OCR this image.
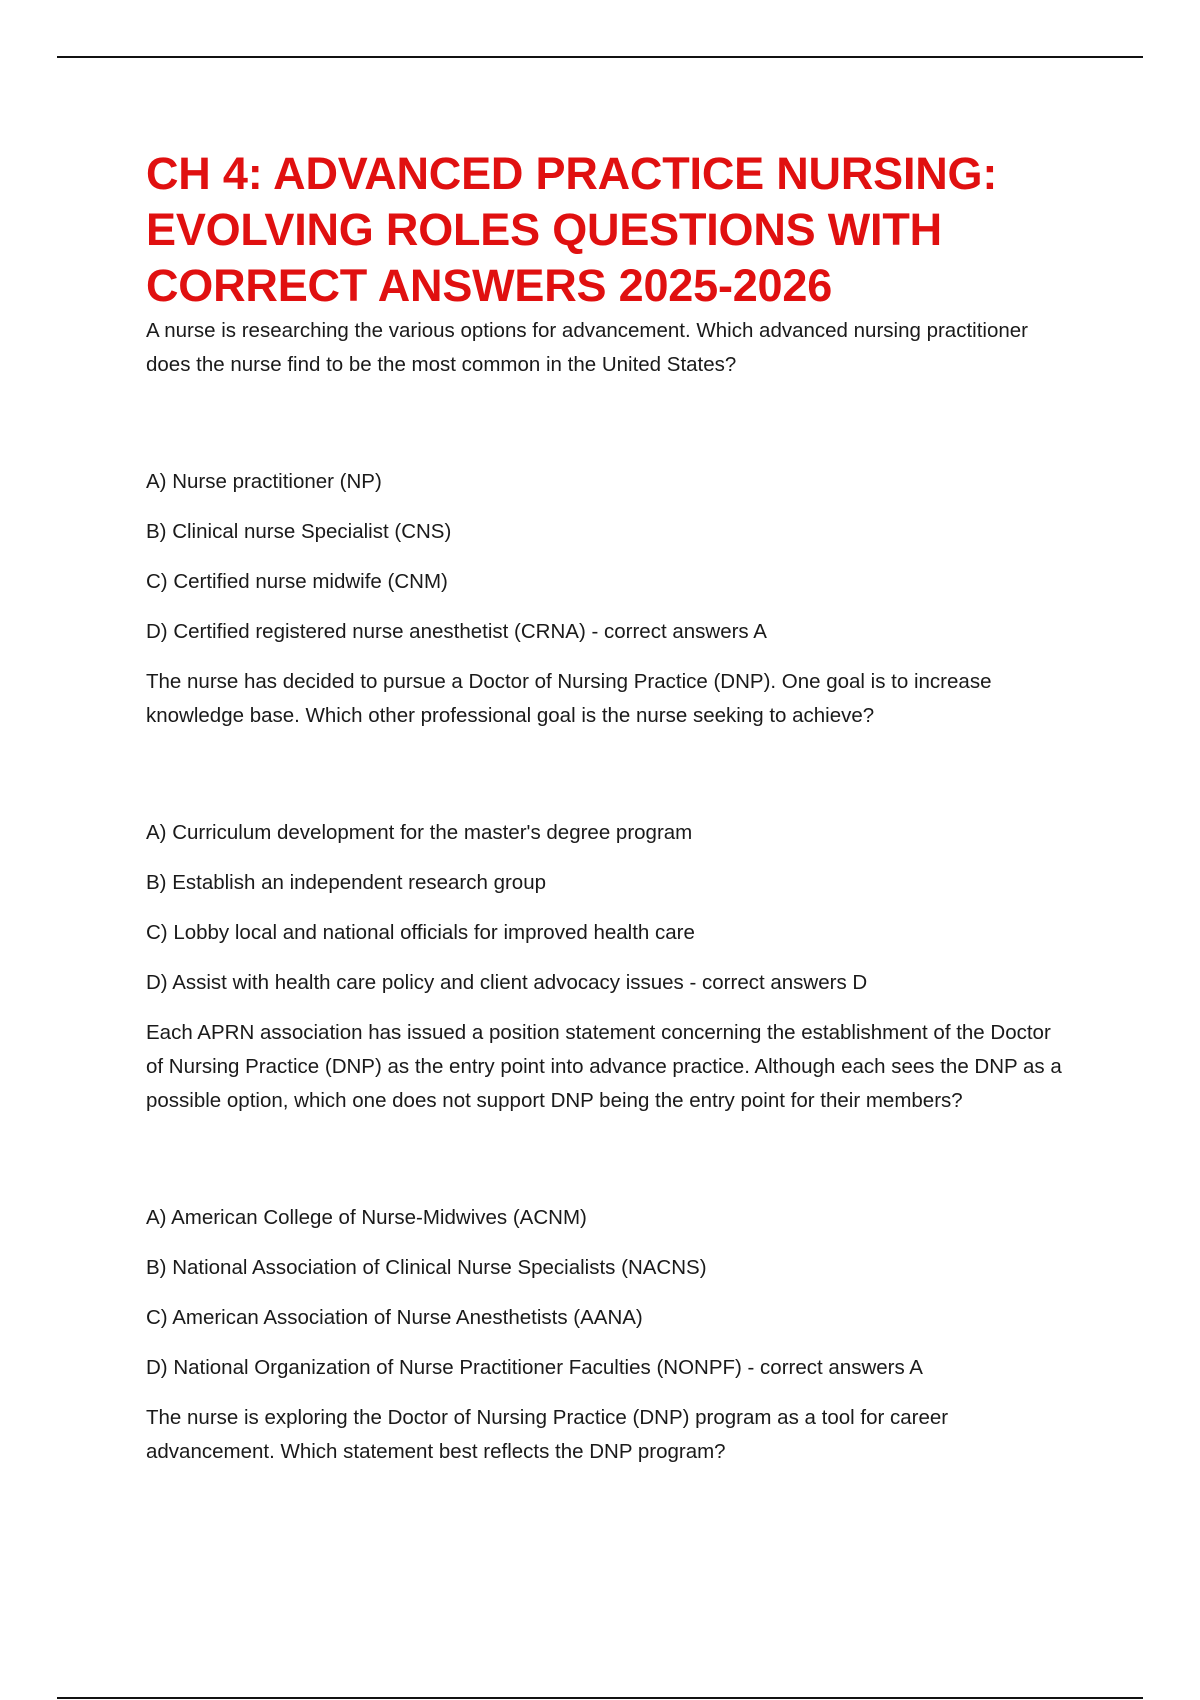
CH 4: ADVANCED PRACTICE NURSING: EVOLVING ROLES QUESTIONS WITH CORRECT ANSWERS 2025-2026

A nurse is researching the various options for advancement. Which advanced nursing practitioner does the nurse find to be the most common in the United States?

A) Nurse practitioner (NP)

B) Clinical nurse Specialist (CNS)

C) Certified nurse midwife (CNM)

D) Certified registered nurse anesthetist (CRNA) - correct answers A

The nurse has decided to pursue a Doctor of Nursing Practice (DNP). One goal is to increase knowledge base. Which other professional goal is the nurse seeking to achieve?

A) Curriculum development for the master's degree program

B) Establish an independent research group

C) Lobby local and national officials for improved health care

D) Assist with health care policy and client advocacy issues - correct answers D

Each APRN association has issued a position statement concerning the establishment of the Doctor of Nursing Practice (DNP) as the entry point into advance practice. Although each sees the DNP as a possible option, which one does not support DNP being the entry point for their members?

A) American College of Nurse-Midwives (ACNM)

B) National Association of Clinical Nurse Specialists (NACNS)

C) American Association of Nurse Anesthetists (AANA)

D) National Organization of Nurse Practitioner Faculties (NONPF) - correct answers A

The nurse is exploring the Doctor of Nursing Practice (DNP) program as a tool for career advancement. Which statement best reflects the DNP program?
